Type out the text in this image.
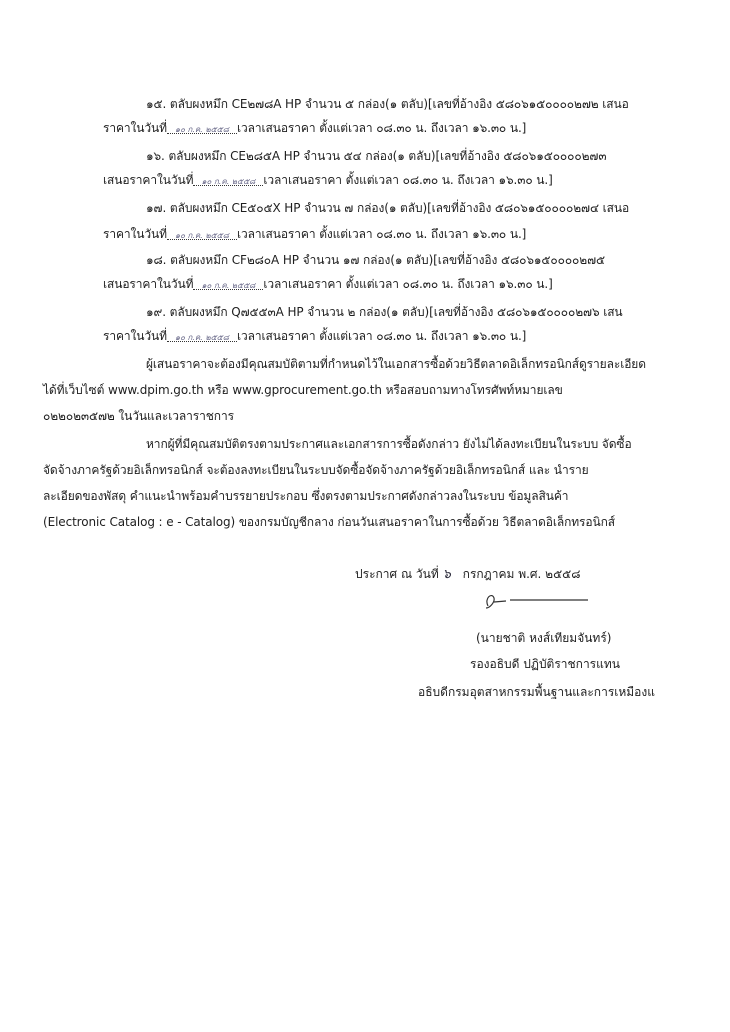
๑๕. ตลับผงหมึก CE๒๗๘A HP จำนวน ๕ กล่อง(๑ ตลับ)[เลขที่อ้างอิง ๕๘๐๖๑๕๐๐๐๐๒๗๒ เสนอ
ราคาในวันที่ ๑๐ ก.ค. ๒๕๕๘ เวลาเสนอราคา ตั้งแต่เวลา ๐๘.๓๐ น. ถึงเวลา ๑๖.๓๐ น.]
๑๖. ตลับผงหมึก CE๒๘๕A HP จำนวน ๕๔ กล่อง(๑ ตลับ)[เลขที่อ้างอิง ๕๘๐๖๑๕๐๐๐๐๒๗๓
เสนอราคาในวันที่ ๑๐ ก.ค. ๒๕๕๘ เวลาเสนอราคา ตั้งแต่เวลา ๐๘.๓๐ น. ถึงเวลา ๑๖.๓๐ น.]
๑๗. ตลับผงหมึก CE๕๐๕X HP จำนวน ๗ กล่อง(๑ ตลับ)[เลขที่อ้างอิง ๕๘๐๖๑๕๐๐๐๐๒๗๔ เสนอ
ราคาในวันที่ ๑๐ ก.ค. ๒๕๕๘ เวลาเสนอราคา ตั้งแต่เวลา ๐๘.๓๐ น. ถึงเวลา ๑๖.๓๐ น.]
๑๘. ตลับผงหมึก CF๒๘๐A HP จำนวน ๑๗ กล่อง(๑ ตลับ)[เลขที่อ้างอิง ๕๘๐๖๑๕๐๐๐๐๒๗๕
เสนอราคาในวันที่ ๑๐ ก.ค. ๒๕๕๘ เวลาเสนอราคา ตั้งแต่เวลา ๐๘.๓๐ น. ถึงเวลา ๑๖.๓๐ น.]
๑๙. ตลับผงหมึก Q๗๕๕๓A HP จำนวน ๒ กล่อง(๑ ตลับ)[เลขที่อ้างอิง ๕๘๐๖๑๕๐๐๐๐๒๗๖ เสน
ราคาในวันที่ ๑๐ ก.ค. ๒๕๕๘ เวลาเสนอราคา ตั้งแต่เวลา ๐๘.๓๐ น. ถึงเวลา ๑๖.๓๐ น.]
ผู้เสนอราคาจะต้องมีคุณสมบัติตามที่กำหนดไว้ในเอกสารซื้อด้วยวิธีตลาดอิเล็กทรอนิกส์ดูรายละเอียด
ได้ที่เว็บไซต์ www.dpim.go.th หรือ www.gprocurement.go.th หรือสอบถามทางโทรศัพท์หมายเลข
๐๒๒๐๒๓๕๗๒ ในวันและเวลาราชการ
หากผู้ที่มีคุณสมบัติตรงตามประกาศและเอกสารการซื้อดังกล่าว ยังไม่ได้ลงทะเบียนในระบบ จัดซื้อ
จัดจ้างภาครัฐด้วยอิเล็กทรอนิกส์ จะต้องลงทะเบียนในระบบจัดซื้อจัดจ้างภาครัฐด้วยอิเล็กทรอนิกส์ และ นำราย
ละเอียดของพัสดุ คำแนะนำพร้อมคำบรรยายประกอบ ซึ่งตรงตามประกาศดังกล่าวลงในระบบ ข้อมูลสินค้า
(Electronic Catalog : e - Catalog) ของกรมบัญชีกลาง ก่อนวันเสนอราคาในการซื้อด้วย วิธีตลาดอิเล็กทรอนิกส์
ประกาศ ณ วันที่ ๖ กรกฎาคม พ.ศ. ๒๕๕๘
(นายชาติ หงส์เทียมจันทร์)
รองอธิบดี ปฏิบัติราชการแทน
อธิบดีกรมอุตสาหกรรมพื้นฐานและการเหมืองแ
